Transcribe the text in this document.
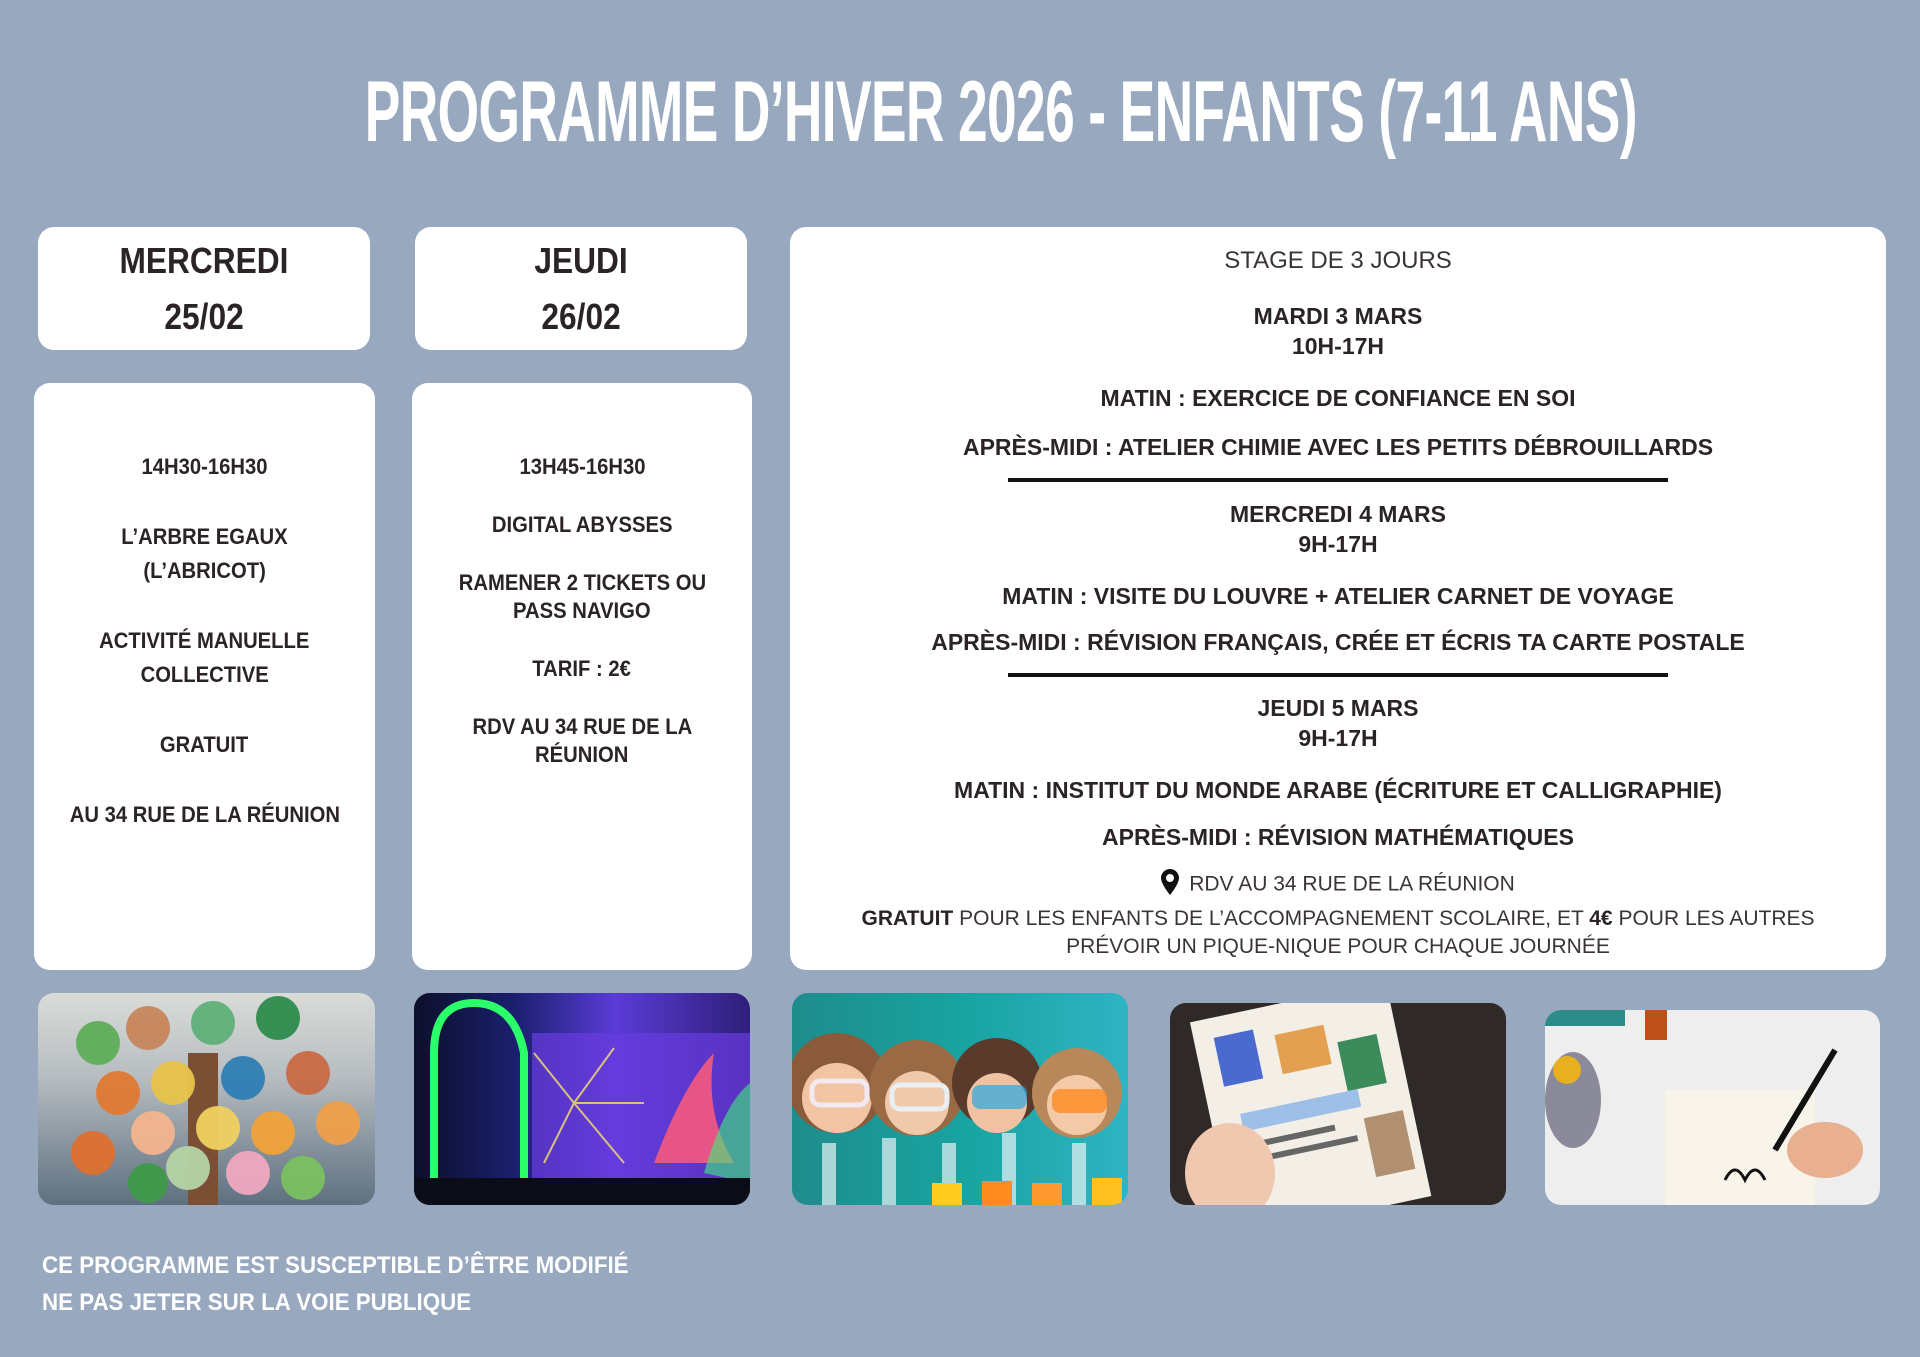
PROGRAMME D’HIVER 2026 - ENFANTS (7-11 ANS)
MERCREDI
25/02
JEUDI
26/02
14H30-16H30
L’ARBRE EGAUX
(L’ABRICOT)
ACTIVITÉ MANUELLE
COLLECTIVE
GRATUIT
AU 34 RUE DE LA RÉUNION
13H45-16H30
DIGITAL ABYSSES
RAMENER 2 TICKETS OU
PASS NAVIGO
TARIF : 2€
RDV AU 34 RUE DE LA
RÉUNION
STAGE DE 3 JOURS
MARDI 3 MARS
10H-17H
MATIN : EXERCICE DE CONFIANCE EN SOI
APRÈS-MIDI : ATELIER CHIMIE AVEC LES PETITS DÉBROUILLARDS
MERCREDI 4 MARS
9H-17H
MATIN : VISITE DU LOUVRE + ATELIER CARNET DE VOYAGE
APRÈS-MIDI : RÉVISION FRANÇAIS, CRÉE ET ÉCRIS TA CARTE POSTALE
JEUDI 5 MARS
9H-17H
MATIN : INSTITUT DU MONDE ARABE (ÉCRITURE ET CALLIGRAPHIE)
APRÈS-MIDI : RÉVISION MATHÉMATIQUES
RDV AU 34 RUE DE LA RÉUNION
GRATUIT POUR LES ENFANTS DE L’ACCOMPAGNEMENT SCOLAIRE, ET 4€ POUR LES AUTRES
PRÉVOIR UN PIQUE-NIQUE POUR CHAQUE JOURNÉE
CE PROGRAMME EST SUSCEPTIBLE D’ÊTRE MODIFIÉ
NE PAS JETER SUR LA VOIE PUBLIQUE
